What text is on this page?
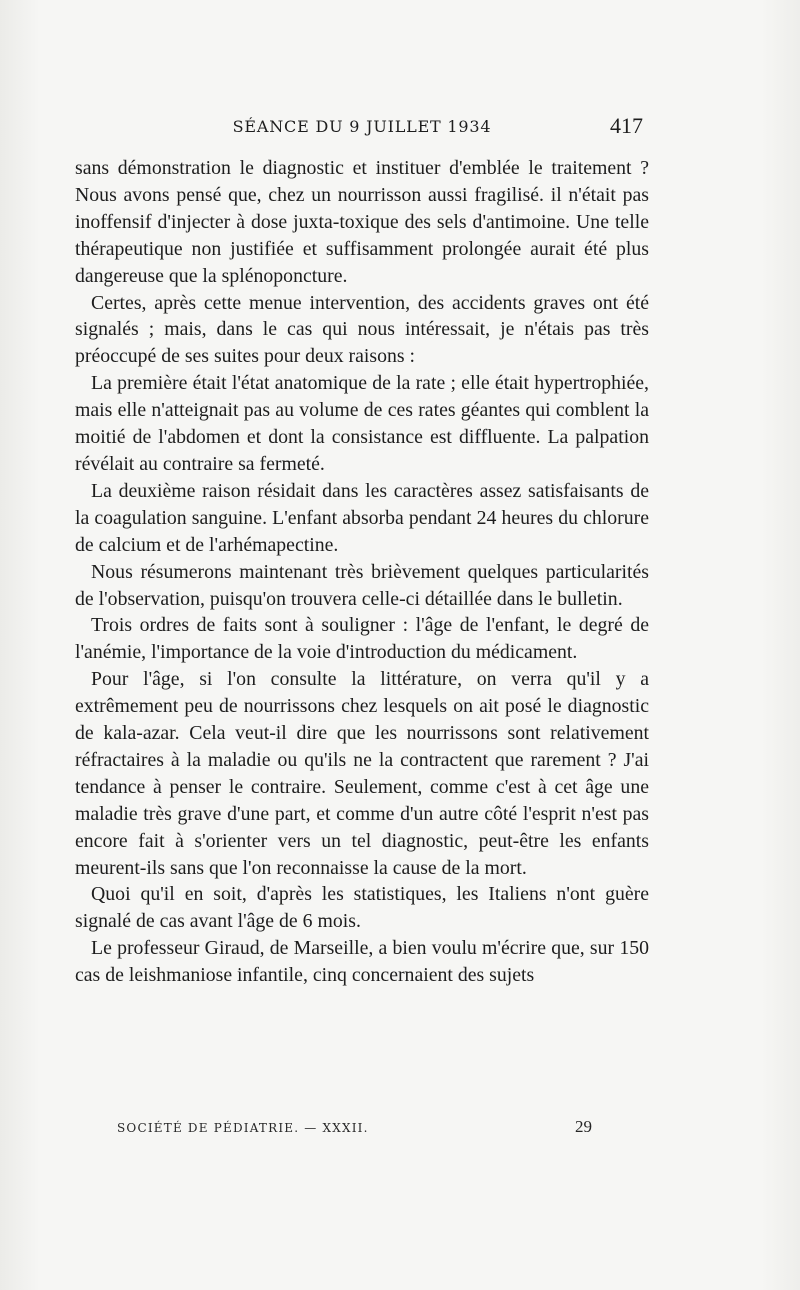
SÉANCE DU 9 JUILLET 1934	417

sans démonstration le diagnostic et instituer d'emblée le traitement ? Nous avons pensé que, chez un nourrisson aussi fragilisé. il n'était pas inoffensif d'injecter à dose juxta-toxique des sels d'antimoine. Une telle thérapeutique non justifiée et suffisamment prolongée aurait été plus dangereuse que la splénoponcture.

Certes, après cette menue intervention, des accidents graves ont été signalés ; mais, dans le cas qui nous intéressait, je n'étais pas très préoccupé de ses suites pour deux raisons :

La première était l'état anatomique de la rate ; elle était hypertrophiée, mais elle n'atteignait pas au volume de ces rates géantes qui comblent la moitié de l'abdomen et dont la consistance est diffluente. La palpation révélait au contraire sa fermeté.

La deuxième raison résidait dans les caractères assez satisfaisants de la coagulation sanguine. L'enfant absorba pendant 24 heures du chlorure de calcium et de l'arhémapectine.

Nous résumerons maintenant très brièvement quelques particularités de l'observation, puisqu'on trouvera celle-ci détaillée dans le bulletin.

Trois ordres de faits sont à souligner : l'âge de l'enfant, le degré de l'anémie, l'importance de la voie d'introduction du médicament.

Pour l'âge, si l'on consulte la littérature, on verra qu'il y a extrêmement peu de nourrissons chez lesquels on ait posé le diagnostic de kala-azar. Cela veut-il dire que les nourrissons sont relativement réfractaires à la maladie ou qu'ils ne la contractent que rarement ? J'ai tendance à penser le contraire. Seulement, comme c'est à cet âge une maladie très grave d'une part, et comme d'un autre côté l'esprit n'est pas encore fait à s'orienter vers un tel diagnostic, peut-être les enfants meurent-ils sans que l'on reconnaisse la cause de la mort.

Quoi qu'il en soit, d'après les statistiques, les Italiens n'ont guère signalé de cas avant l'âge de 6 mois.

Le professeur Giraud, de Marseille, a bien voulu m'écrire que, sur 150 cas de leishmaniose infantile, cinq concernaient des sujets

SOCIÉTÉ DE PÉDIATRIE. — XXXII.	29
